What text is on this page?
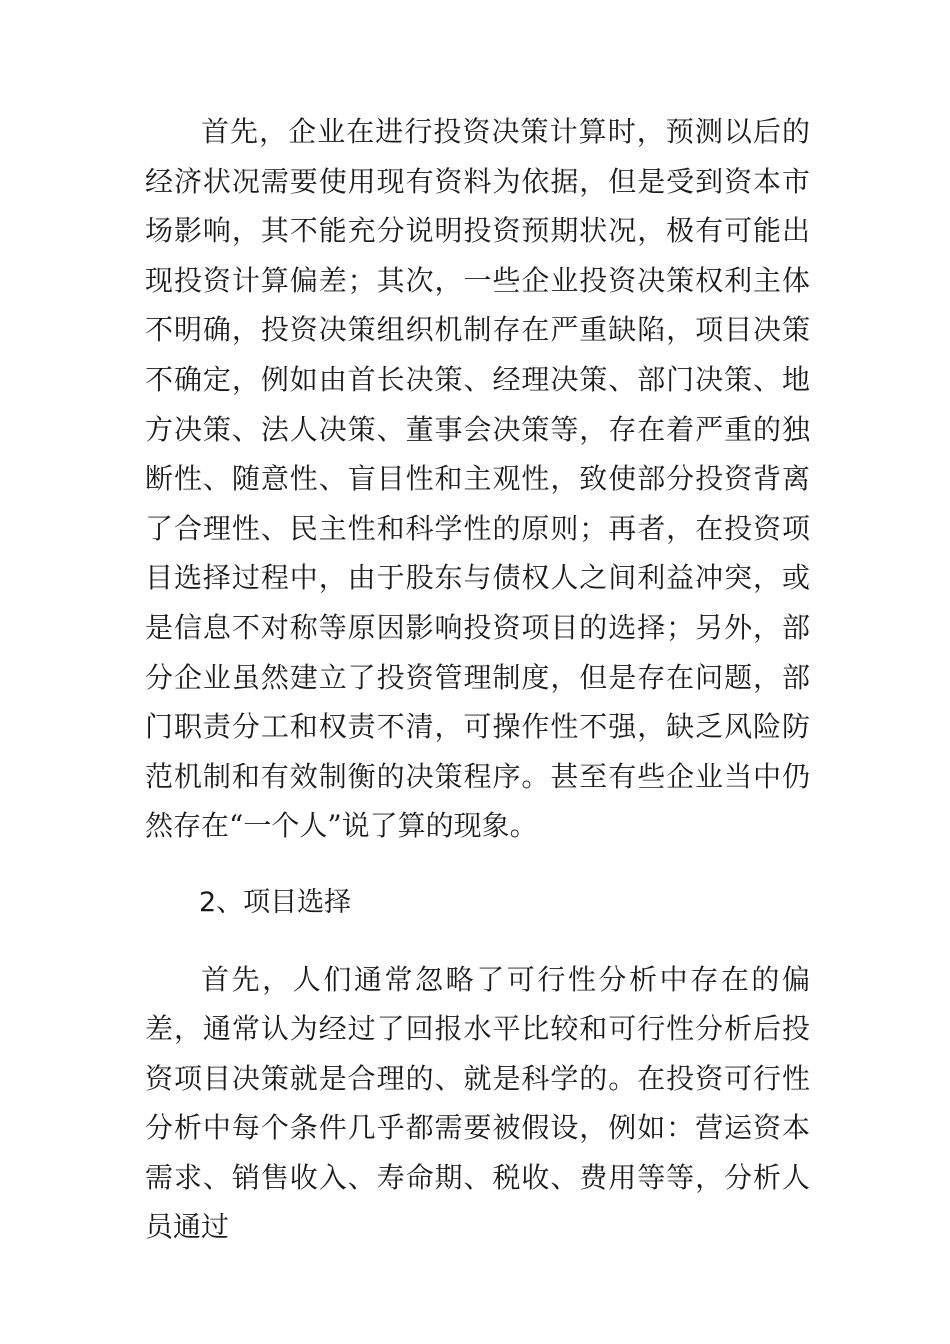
首先，企业在进行投资决策计算时，预测以后的经济状况需要使用现有资料为依据，但是受到资本市场影响，其不能充分说明投资预期状况，极有可能出现投资计算偏差；其次，一些企业投资决策权利主体不明确，投资决策组织机制存在严重缺陷，项目决策不确定，例如由首长决策、经理决策、部门决策、地方决策、法人决策、董事会决策等，存在着严重的独断性、随意性、盲目性和主观性，致使部分投资背离了合理性、民主性和科学性的原则；再者，在投资项目选择过程中，由于股东与债权人之间利益冲突，或是信息不对称等原因影响投资项目的选择；另外，部分企业虽然建立了投资管理制度，但是存在问题，部门职责分工和权责不清，可操作性不强，缺乏风险防范机制和有效制衡的决策程序。甚至有些企业当中仍然存在“一个人”说了算的现象。

2、项目选择

首先，人们通常忽略了可行性分析中存在的偏差，通常认为经过了回报水平比较和可行性分析后投资项目决策就是合理的、就是科学的。在投资可行性分析中每个条件几乎都需要被假设，例如：营运资本需求、销售收入、寿命期、税收、费用等等，分析人员通过
